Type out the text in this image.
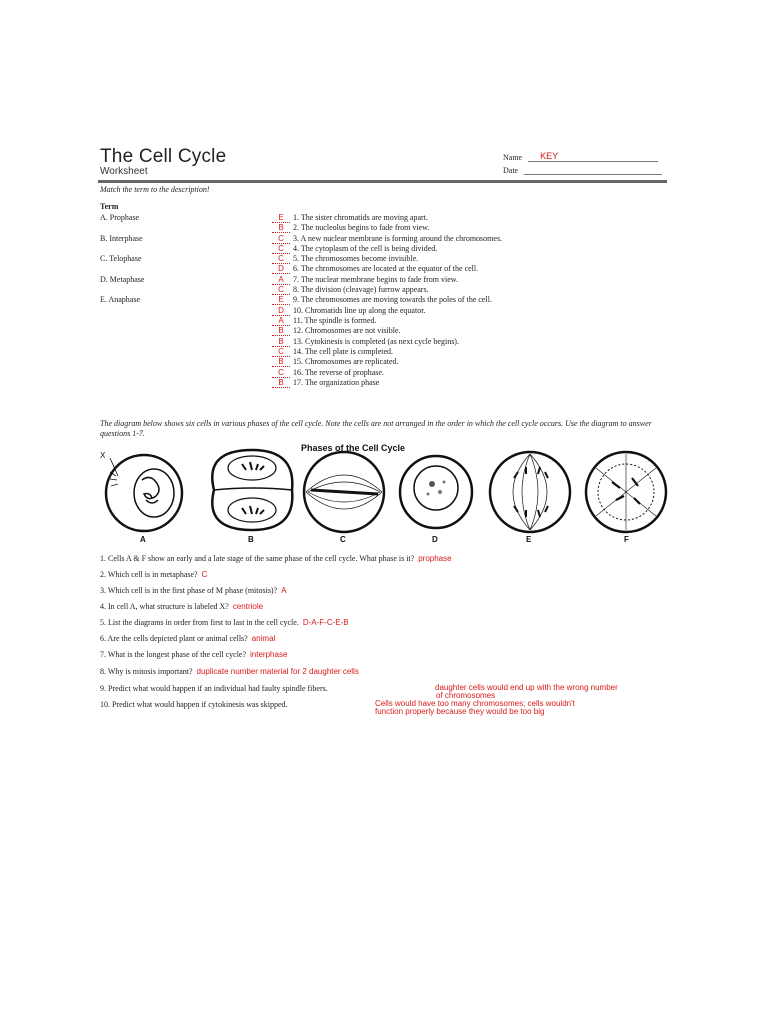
The Cell Cycle
Worksheet
Name KEY
Date
Match the term to the description!
Term
A. Prophase
B. Interphase
C. Telophase
D. Metaphase
E. Anaphase
E 1. The sister chromatids are moving apart.
B 2. The nucleolus begins to fade from view.
C 3. A new nuclear membrane is forming around the chromosomes.
C 4. The cytoplasm of the cell is being divided.
C 5. The chromosomes become invisible.
D 6. The chromosomes are located at the equator of the cell.
A 7. The nuclear membrane begins to fade from view.
C 8. The division (cleavage) furrow appears.
E 9. The chromosomes are moving towards the poles of the cell.
D 10. Chromatids line up along the equator.
A 11. The spindle is formed.
B 12. Chromosomes are not visible.
B 13. Cytokinesis is completed (as next cycle begins).
C 14. The cell plate is completed.
B 15. Chromosomes are replicated.
C 16. The reverse of prophase.
B 17. The organization phase
The diagram below shows six cells in various phases of the cell cycle. Note the cells are not arranged in the order in which the cell cycle occurs. Use the diagram to answer questions 1-7.
Phases of the Cell Cycle
X
A	B	C	D	E	F
1. Cells A & F show an early and a late stage of the same phase of the cell cycle. What phase is it? prophase
2. Which cell is in metaphase? C
3. Which cell is in the first phase of M phase (mitosis)? A
4. In cell A, what structure is labeled X? centriole
5. List the diagrams in order from first to last in the cell cycle. D-A-F-C-E-B
6. Are the cells depicted plant or animal cells? animal
7. What is the longest phase of the cell cycle? interphase
8. Why is mitosis important? duplicate number material for 2 daughter cells
9. Predict what would happen if an individual had faulty spindle fibers.	daughter cells would end up with the wrong number
of chromosomes
10. Predict what would happen if cytokinesis was skipped.	Cells would have too many chromosomes; cells wouldn't
function properly because they would be too big
